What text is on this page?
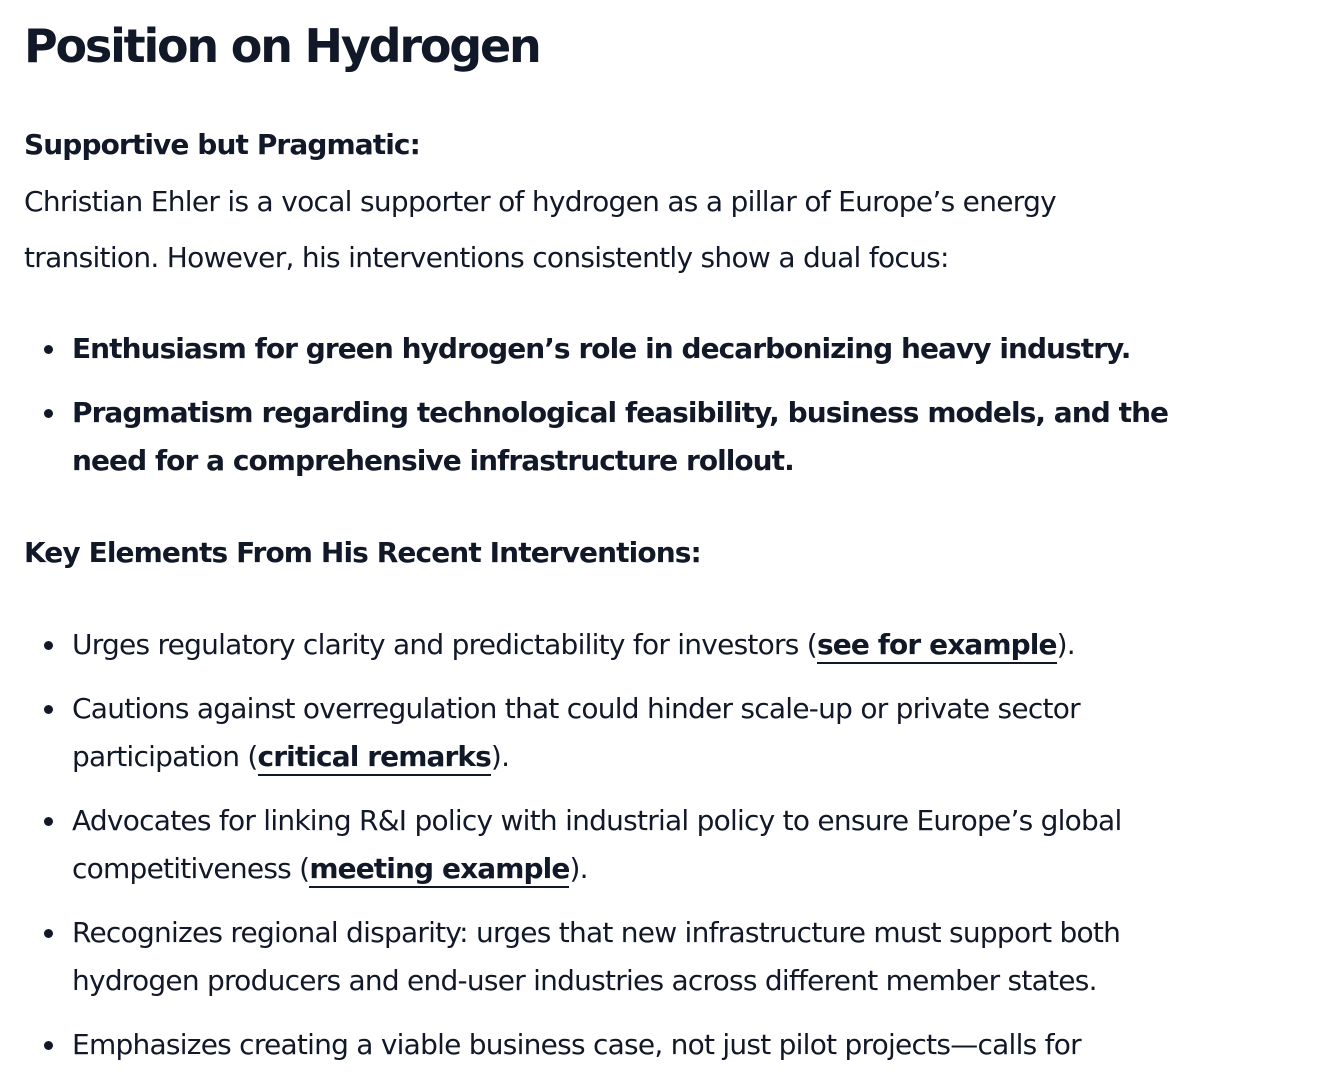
Position on Hydrogen
Supportive but Pragmatic:

Christian Ehler is a vocal supporter of hydrogen as a pillar of Europe’s energy
transition. However, his interventions consistently show a dual focus:

Enthusiasm for green hydrogen’s role in decarbonizing heavy industry.
Pragmatism regarding technological feasibility, business models, and the
need for a comprehensive infrastructure rollout.
Key Elements From His Recent Interventions:
Urges regulatory clarity and predictability for investors (see for example).
Cautions against overregulation that could hinder scale-up or private sector
participation (critical remarks).
Advocates for linking R&I policy with industrial policy to ensure Europe’s global
competitiveness (meeting example).
Recognizes regional disparity: urges that new infrastructure must support both
hydrogen producers and end-user industries across different member states.
Emphasizes creating a viable business case, not just pilot projects—calls for
